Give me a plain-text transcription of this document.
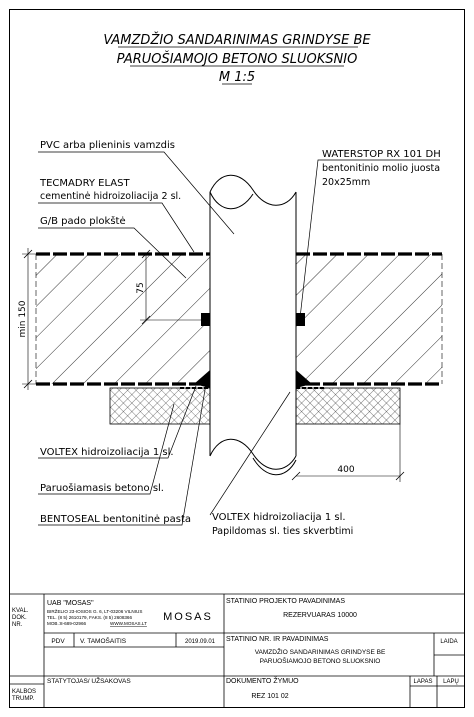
VAMZDŽIO SANDARINIMAS GRINDYSE BE
PARUOŠIAMOJO BETONO SLUOKSNIO
M 1:5
min 150
75
400
PVC arba plieninis vamzdis
TECMADRY ELAST
cementinė hidroizoliacija 2 sl.
G/B pado plokštė
WATERSTOP RX 101 DH
bentonitinio molio juosta
20x25mm
VOLTEX hidroizoliacija 1 sl.
Paruošiamasis betono sl.
BENTOSEAL bentonitinė pasta VOLTEX hidroizoliacija 1 sl.
Papildomas sl. ties skverbtimi
KVAL.
DOK.
NR.
UAB "MOSAS"
BIRŽELIO 23-IOSIOS G. 6, LT-03206 VILNIUS
TEL. (8 5) 2610179, FAKS. (8 5) 2608366
MOB.:8-689-02966	WWW.MOSAS.LT
MOSAS
STATINIO PROJEKTO PAVADINIMAS
REZERVUARAS 10000
PDV V. TAMOŠAITIS	2019.09.01 STATINIO NR. IR PAVADINIMAS
VAMZDŽIO SANDARINIMAS GRINDYSE BE
PARUOŠIAMOJO BETONO SLUOKSNIO
LAIDA
STATYTOJAS/ UŽSAKOVAS
KALBOS
TRUMP.
DOKUMENTO ŽYMUO
REZ 101 02
LAPAS LAPŲ
